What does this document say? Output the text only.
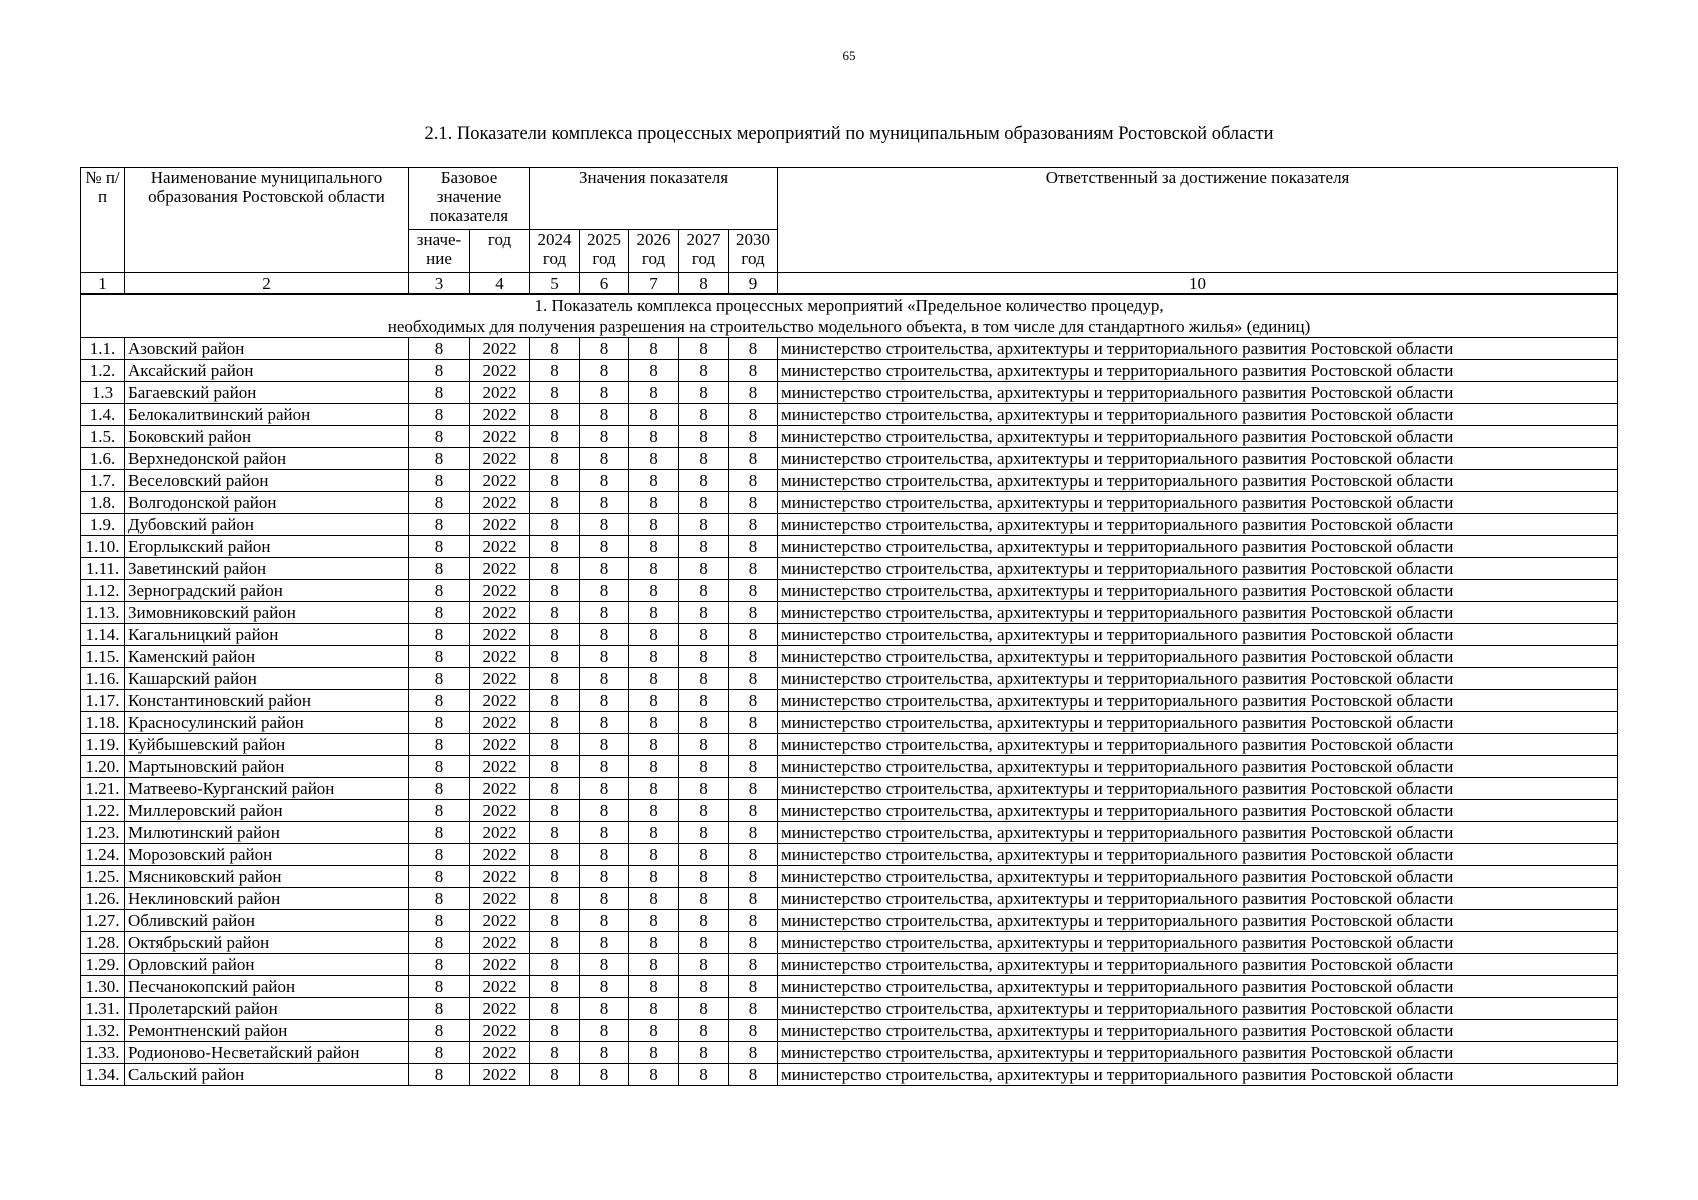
65
2.1. Показатели комплекса процессных мероприятий по муниципальным образованиям Ростовской области
№ п/п	Наименование муниципального образования Ростовской области	Базовое значение показателя		Значения показателя					Ответственный за достижение показателя
		значе-ние	год	2024 год	2025 год	2026 год	2027 год	2030 год	
1	2	3	4	5	6	7	8	9	10

1. Показатель комплекса процессных мероприятий «Предельное количество процедур,
необходимых для получения разрешения на строительство модельного объекта, в том числе для стандартного жилья» (единиц)									

1.1.	Азовский район	8	2022	8	8	8	8	8	министерство строительства, архитектуры и территориального развития Ростовской области
1.2.	Аксайский район	8	2022	8	8	8	8	8	министерство строительства, архитектуры и территориального развития Ростовской области
1.3	Багаевский район	8	2022	8	8	8	8	8	министерство строительства, архитектуры и территориального развития Ростовской области
1.4.	Белокалитвинский район	8	2022	8	8	8	8	8	министерство строительства, архитектуры и территориального развития Ростовской области
1.5.	Боковский район	8	2022	8	8	8	8	8	министерство строительства, архитектуры и территориального развития Ростовской области
1.6.	Верхнедонской район	8	2022	8	8	8	8	8	министерство строительства, архитектуры и территориального развития Ростовской области
1.7.	Веселовский район	8	2022	8	8	8	8	8	министерство строительства, архитектуры и территориального развития Ростовской области
1.8.	Волгодонской район	8	2022	8	8	8	8	8	министерство строительства, архитектуры и территориального развития Ростовской области
1.9.	Дубовский район	8	2022	8	8	8	8	8	министерство строительства, архитектуры и территориального развития Ростовской области
1.10.	Егорлыкский район	8	2022	8	8	8	8	8	министерство строительства, архитектуры и территориального развития Ростовской области
1.11.	Заветинский район	8	2022	8	8	8	8	8	министерство строительства, архитектуры и территориального развития Ростовской области
1.12.	Зерноградский район	8	2022	8	8	8	8	8	министерство строительства, архитектуры и территориального развития Ростовской области
1.13.	Зимовниковский район	8	2022	8	8	8	8	8	министерство строительства, архитектуры и территориального развития Ростовской области
1.14.	Кагальницкий район	8	2022	8	8	8	8	8	министерство строительства, архитектуры и территориального развития Ростовской области
1.15.	Каменский район	8	2022	8	8	8	8	8	министерство строительства, архитектуры и территориального развития Ростовской области
1.16.	Кашарский район	8	2022	8	8	8	8	8	министерство строительства, архитектуры и территориального развития Ростовской области
1.17.	Константиновский район	8	2022	8	8	8	8	8	министерство строительства, архитектуры и территориального развития Ростовской области
1.18.	Красносулинский район	8	2022	8	8	8	8	8	министерство строительства, архитектуры и территориального развития Ростовской области
1.19.	Куйбышевский район	8	2022	8	8	8	8	8	министерство строительства, архитектуры и территориального развития Ростовской области
1.20.	Мартыновский район	8	2022	8	8	8	8	8	министерство строительства, архитектуры и территориального развития Ростовской области
1.21.	Матвеево-Курганский район	8	2022	8	8	8	8	8	министерство строительства, архитектуры и территориального развития Ростовской области
1.22.	Миллеровский район	8	2022	8	8	8	8	8	министерство строительства, архитектуры и территориального развития Ростовской области
1.23.	Милютинский район	8	2022	8	8	8	8	8	министерство строительства, архитектуры и территориального развития Ростовской области
1.24.	Морозовский район	8	2022	8	8	8	8	8	министерство строительства, архитектуры и территориального развития Ростовской области
1.25.	Мясниковский район	8	2022	8	8	8	8	8	министерство строительства, архитектуры и территориального развития Ростовской области
1.26.	Неклиновский район	8	2022	8	8	8	8	8	министерство строительства, архитектуры и территориального развития Ростовской области
1.27.	Обливский район	8	2022	8	8	8	8	8	министерство строительства, архитектуры и территориального развития Ростовской области
1.28.	Октябрьский район	8	2022	8	8	8	8	8	министерство строительства, архитектуры и территориального развития Ростовской области
1.29.	Орловский район	8	2022	8	8	8	8	8	министерство строительства, архитектуры и территориального развития Ростовской области
1.30.	Песчанокопский район	8	2022	8	8	8	8	8	министерство строительства, архитектуры и территориального развития Ростовской области
1.31.	Пролетарский район	8	2022	8	8	8	8	8	министерство строительства, архитектуры и территориального развития Ростовской области
1.32.	Ремонтненский район	8	2022	8	8	8	8	8	министерство строительства, архитектуры и территориального развития Ростовской области
1.33.	Родионово-Несветайский район	8	2022	8	8	8	8	8	министерство строительства, архитектуры и территориального развития Ростовской области
1.34.	Сальский район	8	2022	8	8	8	8	8	министерство строительства, архитектуры и территориального развития Ростовской области
